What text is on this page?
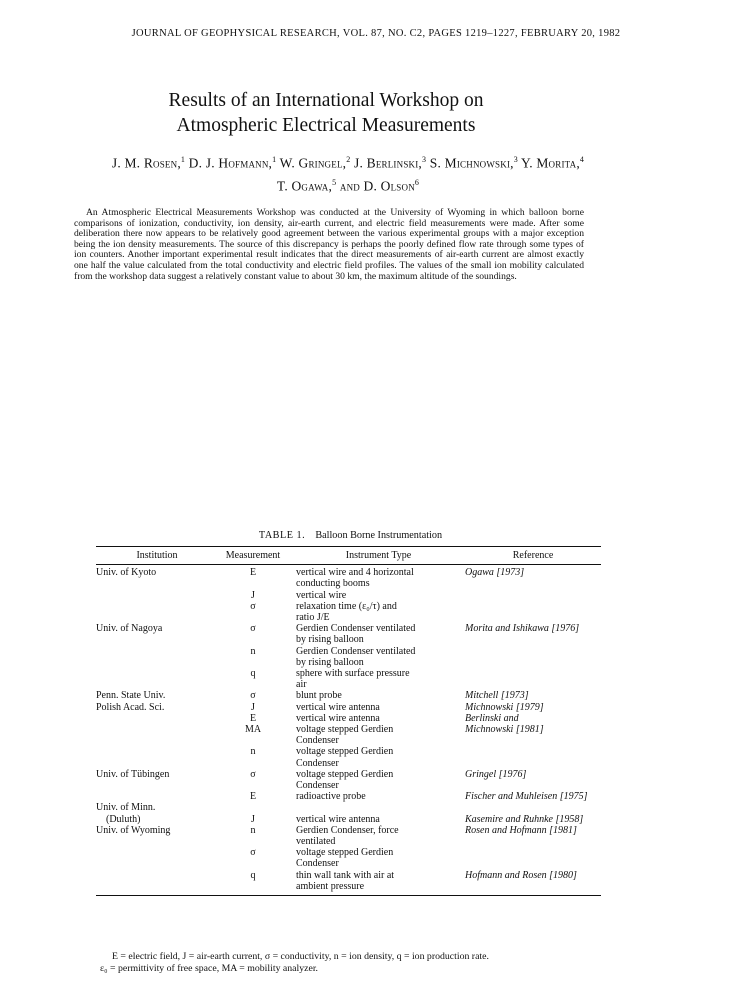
JOURNAL OF GEOPHYSICAL RESEARCH, VOL. 87, NO. C2, PAGES 1219–1227, FEBRUARY 20, 1982
Results of an International Workshop on
Atmospheric Electrical Measurements
J. M. Rosen,$^1$ D. J. Hofmann,$^1$ W. Gringel,$^2$ J. Berlinski,$^3$ S. Michnowski,$^3$ Y. Morita,$^4$
T. Ogawa,$^5$ and D. Olson$^6$
An Atmospheric Electrical Measurements Workshop was conducted at the University of Wyoming in which balloon borne comparisons of ionization, conductivity, ion density, air-earth current, and electric field measurements were made. After some deliberation there now appears to be relatively good agreement between the various experimental groups with a major exception being the ion density measurements. The source of this discrepancy is perhaps the poorly defined flow rate through some types of ion counters. Another important experimental result indicates that the direct measurements of air-earth current are almost exactly one half the value calculated from the total conductivity and electric field profiles. The values of the small ion mobility calculated from the workshop data suggest a relatively constant value to about 30 km, the maximum altitude of the soundings.
TABLE 1. Balloon Borne Instrumentation
Institution	Measurement	Instrument Type	Reference
Univ. of Kyoto	E	vertical wire and 4 horizontal	Ogawa [1973]
		conducting booms	
	J	vertical wire	
	σ	relaxation time (ε₀/τ) and	
		ratio J/E	
Univ. of Nagoya	σ	Gerdien Condenser ventilated	Morita and Ishikawa [1976]
		by rising balloon	
	n	Gerdien Condenser ventilated	
		by rising balloon	
	q	sphere with surface pressure	
		air	
Penn. State Univ.	σ	blunt probe	Mitchell [1973]
Polish Acad. Sci.	J	vertical wire antenna	Michnowski [1979]
	E	vertical wire antenna	Berlinski and
	MA	voltage stepped Gerdien	Michnowski [1981]
		Condenser	
	n	voltage stepped Gerdien	
		Condenser	
Univ. of Tübingen	σ	voltage stepped Gerdien	Gringel [1976]
		Condenser	
	E	radioactive probe	Fischer and Muhleisen [1975]
Univ. of Minn.			
(Duluth)	J	vertical wire antenna	Kasemire and Ruhnke [1958]
Univ. of Wyoming	n	Gerdien Condenser, force	Rosen and Hofmann [1981]
		ventilated	
	σ	voltage stepped Gerdien	
		Condenser	
	q	thin wall tank with air at	Hofmann and Rosen [1980]
		ambient pressure	
E = electric field, J = air-earth current, σ = conductivity, n = ion density, q = ion production rate.
ε₀ = permittivity of free space, MA = mobility analyzer.
